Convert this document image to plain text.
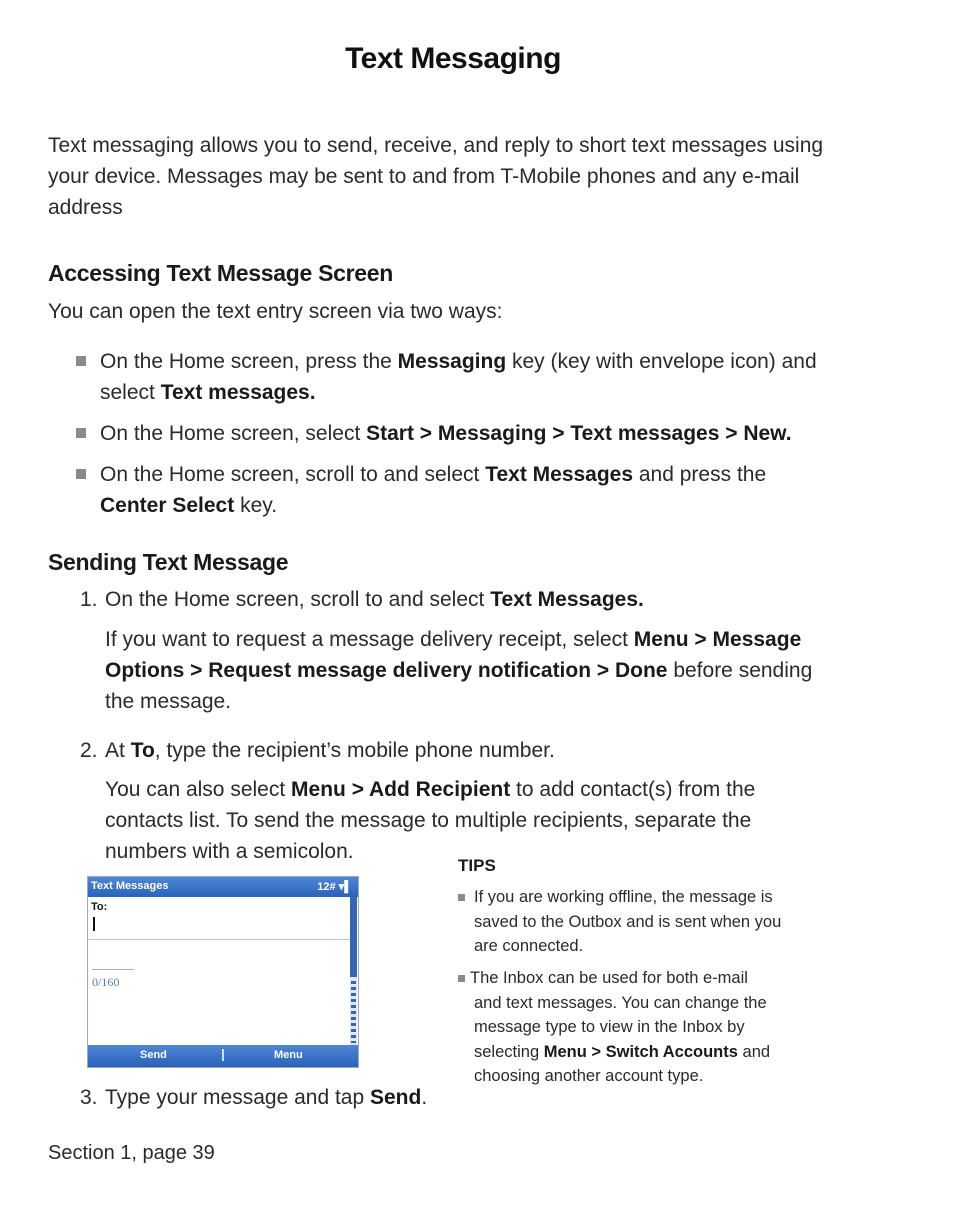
Text Messaging
Text messaging allows you to send, receive, and reply to short text messages using
your device. Messages may be sent to and from T-Mobile phones and any e-mail
address
Accessing Text Message Screen
You can open the text entry screen via two ways:
On the Home screen, press the Messaging key (key with envelope icon) and
select Text messages.
On the Home screen, select Start > Messaging > Text messages > New.
On the Home screen, scroll to and select Text Messages and press the
Center Select key.
Sending Text Message
1. On the Home screen, scroll to and select Text Messages.
If you want to request a message delivery receipt, select Menu > Message
Options > Request message delivery notification > Done before sending
the message.
2. At To, type the recipient’s mobile phone number.
You can also select Menu > Add Recipient to add contact(s) from the
contacts list. To send the message to multiple recipients, separate the
numbers with a semicolon.
Text Messages	12# ▾▌
To:
0/160
Send	Menu
TIPS
If you are working offline, the message is
saved to the Outbox and is sent when you
are connected.
The Inbox can be used for both e-mail
and text messages. You can change the
message type to view in the Inbox by
selecting Menu > Switch Accounts and
choosing another account type.
3. Type your message and tap Send.
Section 1, page 39
